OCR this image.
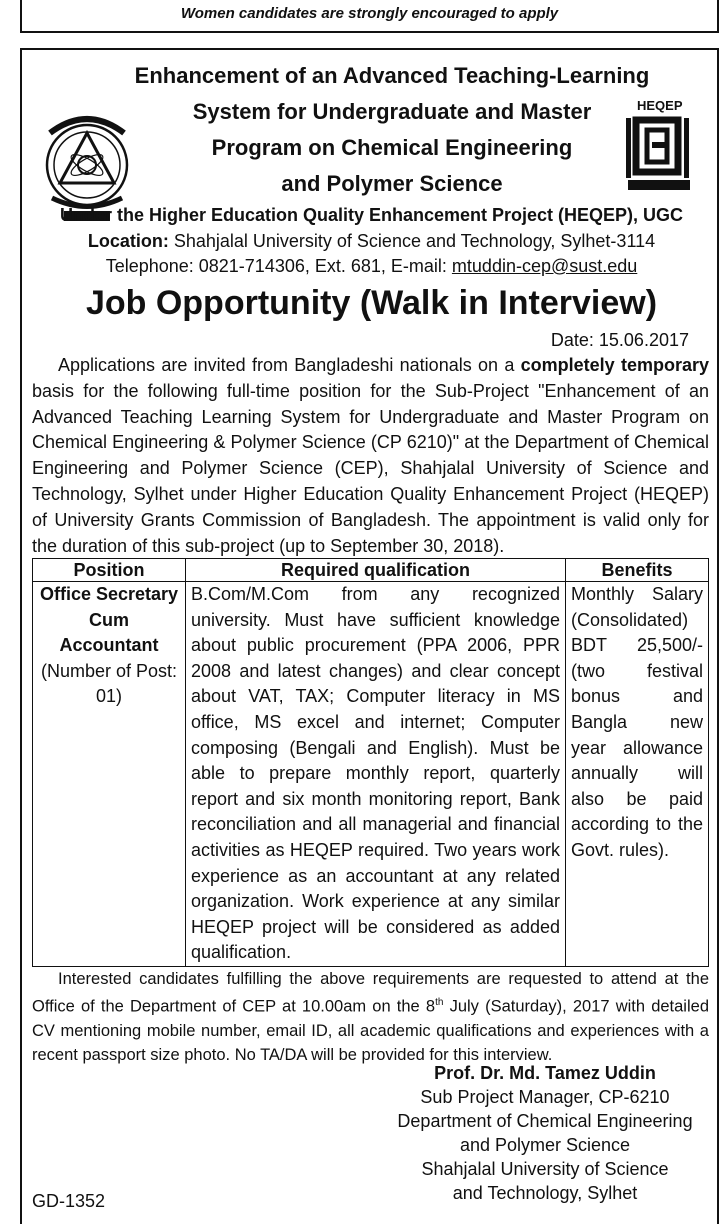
Women candidates are strongly encouraged to apply
HEQEP
Enhancement of an Advanced Teaching-Learning
System for Undergraduate and Master
Program on Chemical Engineering
and Polymer Science
Under the Higher Education Quality Enhancement Project (HEQEP), UGC
Location: Shahjalal University of Science and Technology, Sylhet-3114
Telephone: 0821-714306, Ext. 681, E-mail: mtuddin-cep@sust.edu
Job Opportunity (Walk in Interview)
Date: 15.06.2017
Applications are invited from Bangladeshi nationals on a completely temporary basis for the following full-time position for the Sub-Project "Enhancement of an Advanced Teaching Learning System for Undergraduate and Master Program on Chemical Engineering & Polymer Science (CP 6210)" at the Department of Chemical Engineering and Polymer Science (CEP), Shahjalal University of Science and Technology, Sylhet under Higher Education Quality Enhancement Project (HEQEP) of University Grants Commission of Bangladesh. The appointment is valid only for the duration of this sub-project (up to September 30, 2018).
Position	Required qualification	Benefits

Office Secretary Cum Accountant
(Number of Post: 01)	B.Com/M.Com from any recognized university. Must have sufficient knowledge about public procurement (PPA 2006, PPR 2008 and latest changes) and clear concept about VAT, TAX; Computer literacy in MS office, MS excel and internet; Computer composing (Bengali and English). Must be able to prepare monthly report, quarterly report and six month monitoring report, Bank reconciliation and all managerial and financial activities as HEQEP required. Two years work experience as an accountant at any related organization. Work experience at any similar HEQEP project will be considered as added qualification.	Monthly Salary (Consolidated) BDT 25,500/- (two festival bonus and Bangla new year allowance annually will also be paid according to the Govt. rules).
Interested candidates fulfilling the above requirements are requested to attend at the Office of the Department of CEP at 10.00am on the 8th July (Saturday), 2017 with detailed CV mentioning mobile number, email ID, all academic qualifications and experiences with a recent passport size photo. No TA/DA will be provided for this interview.
Prof. Dr. Md. Tamez Uddin
Sub Project Manager, CP-6210
Department of Chemical Engineering
and Polymer Science
Shahjalal University of Science
and Technology, Sylhet
GD-1352
